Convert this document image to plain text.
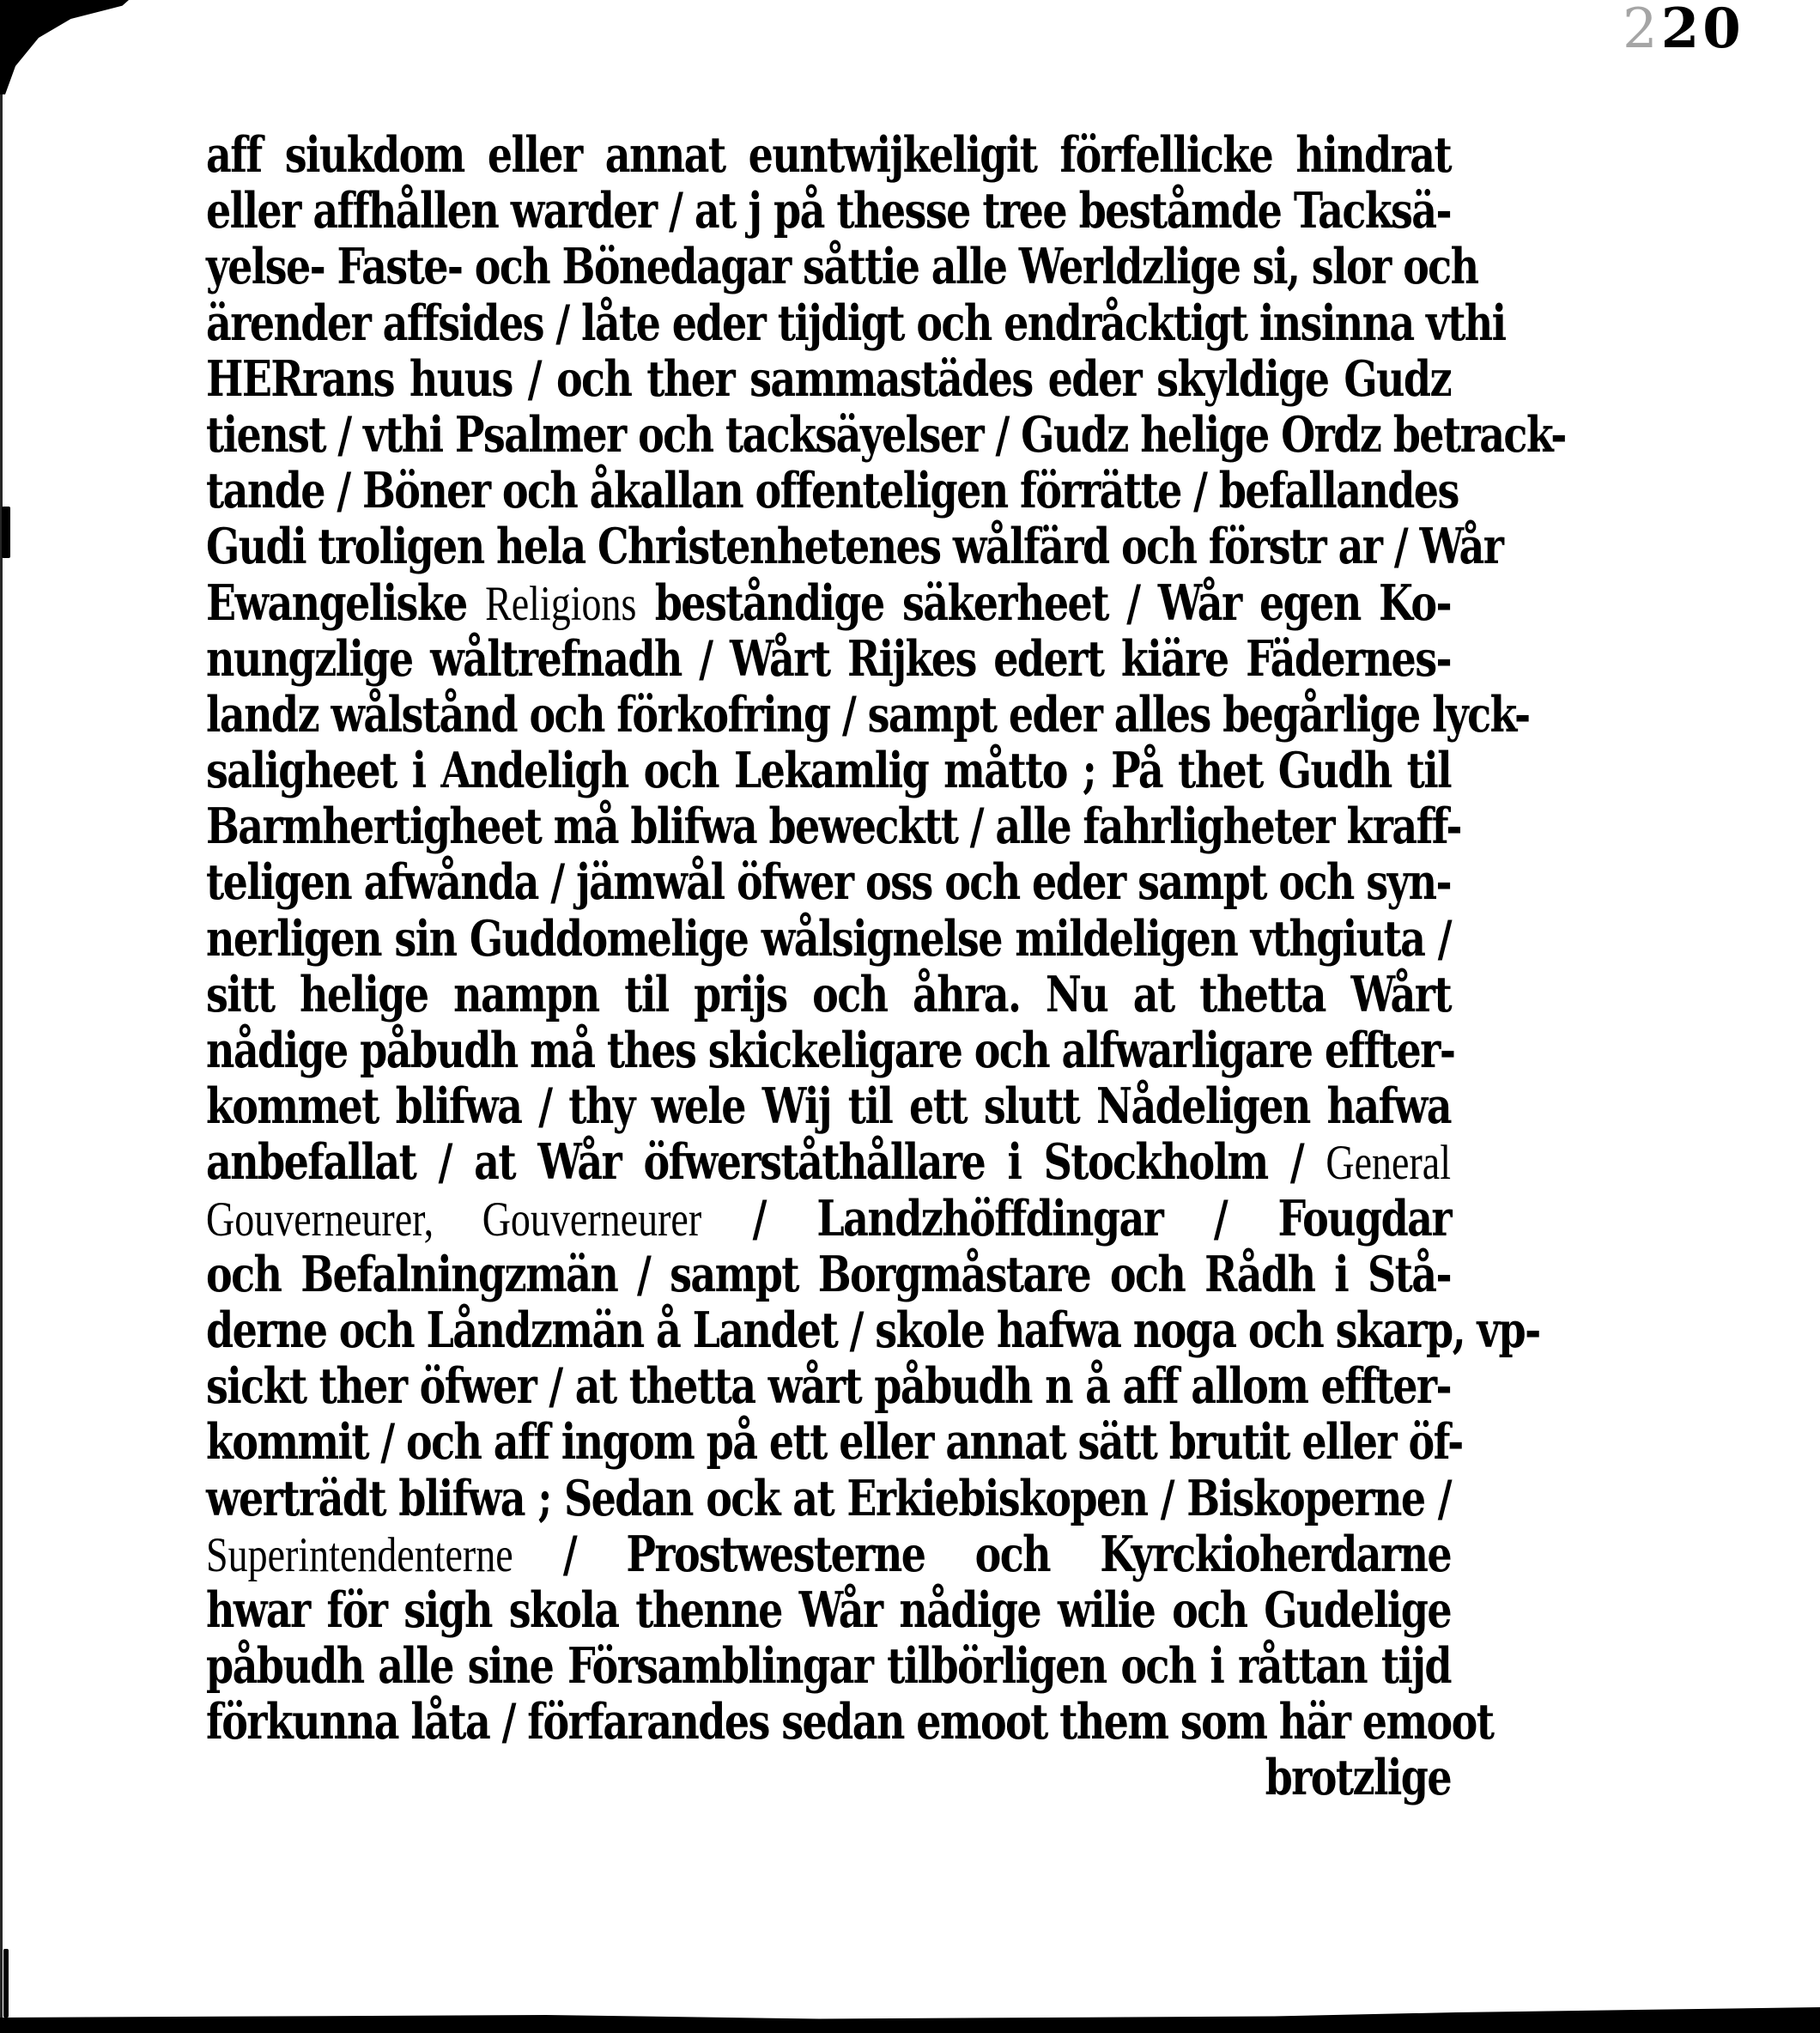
220
aff siukdom eller annat euntwijkeligit förfellicke hindrat
eller affhållen warder / at j på thesse tree beståmde Tacksä-
yelse- Faste- och Bönedagar såttie alle Werldzlige si, slor och
ärender affsides / låte eder tijdigt och endråcktigt insinna vthi
HERrans huus / och ther sammastädes eder skyldige Gudz
tienst / vthi Psalmer och tacksäyelser / Gudz helige Ordz betrack-
tande / Böner och åkallan offenteligen förrätte / befallandes
Gudi troligen hela Christenhetenes wålfärd och förstr ar / Wår
Ewangeliske Religions beståndige säkerheet / Wår egen Ko-
nungzlige wåltrefnadh / Wårt Rijkes edert kiäre Fädernes-
landz wålstånd och förkofring / sampt eder alles begårlige lyck-
saligheet i Andeligh och Lekamlig måtto ; På thet Gudh til
Barmhertigheet må blifwa bewecktt / alle fahrligheter kraff-
teligen afwånda / jämwål öfwer oss och eder sampt och syn-
nerligen sin Guddomelige wålsignelse mildeligen vthgiuta /
sitt helige nampn til prijs och åhra. Nu at thetta Wårt
nådige påbudh må thes skickeligare och alfwarligare effter-
kommet blifwa / thy wele Wij til ett slutt Nådeligen hafwa
anbefallat / at Wår öfwerståthållare i Stockholm / General
Gouverneurer, Gouverneurer / Landzhöffdingar / Fougdar
och Befalningzmän / sampt Borgmåstare och Rådh i Stå-
derne och Låndzmän å Landet / skole hafwa noga och skarp, vp-
sickt ther öfwer / at thetta wårt påbudh n å aff allom effter-
kommit / och aff ingom på ett eller annat sätt brutit eller öf-
werträdt blifwa ; Sedan ock at Erkiebiskopen / Biskoperne /
Superintendenterne / Prostwesterne och Kyrckioherdarne
hwar för sigh skola thenne Wår nådige wilie och Gudelige
påbudh alle sine Församblingar tilbörligen och i råttan tijd
förkunna låta / förfarandes sedan emoot them som här emoot
brotzlige
